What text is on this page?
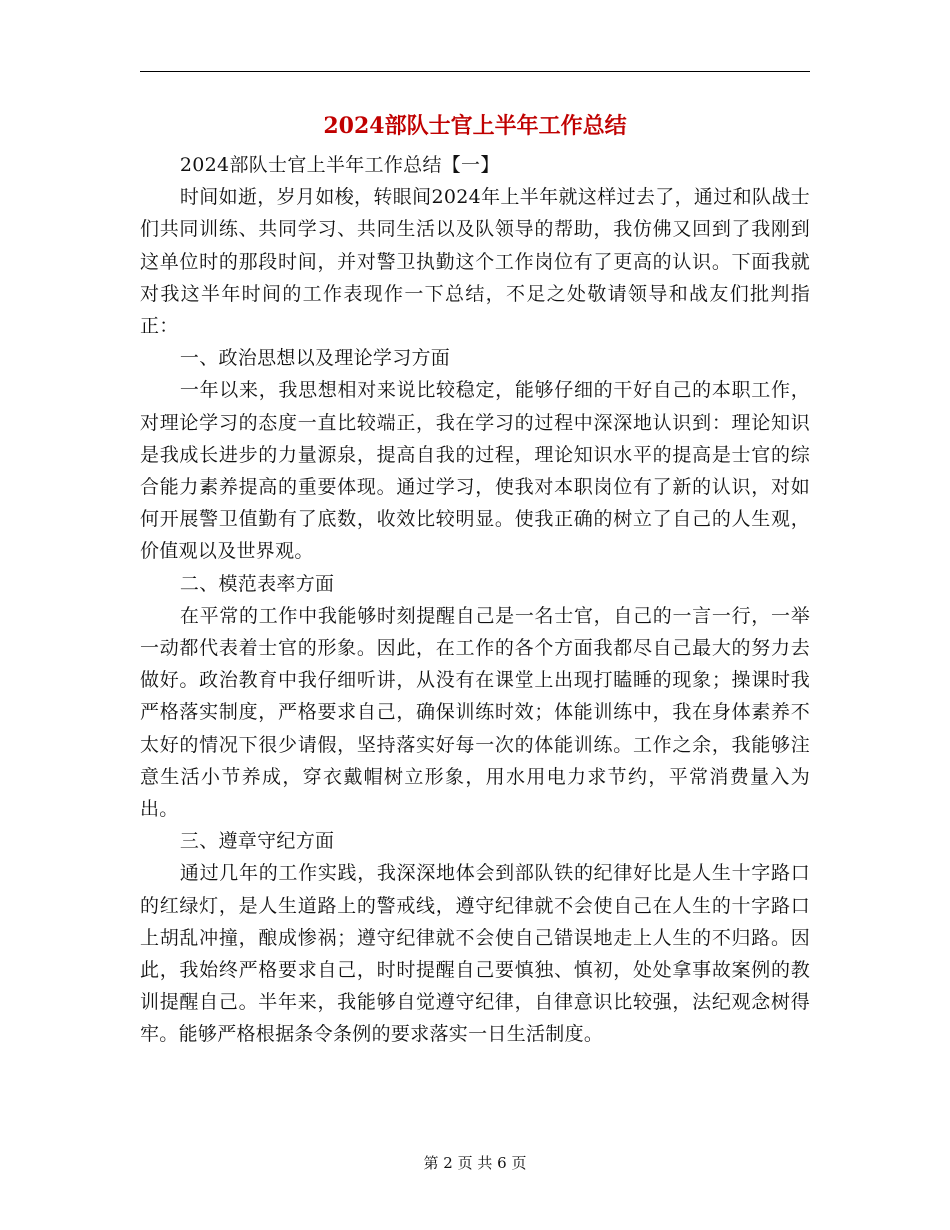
2024部队士官上半年工作总结

2024部队士官上半年工作总结【一】

时间如逝，岁月如梭，转眼间2024年上半年就这样过去了，通过和队战士们共同训练、共同学习、共同生活以及队领导的帮助，我仿佛又回到了我刚到这单位时的那段时间，并对警卫执勤这个工作岗位有了更高的认识。下面我就对我这半年时间的工作表现作一下总结，不足之处敬请领导和战友们批判指正：

一、政治思想以及理论学习方面

一年以来，我思想相对来说比较稳定，能够仔细的干好自己的本职工作，对理论学习的态度一直比较端正，我在学习的过程中深深地认识到：理论知识是我成长进步的力量源泉，提高自我的过程，理论知识水平的提高是士官的综合能力素养提高的重要体现。通过学习，使我对本职岗位有了新的认识，对如何开展警卫值勤有了底数，收效比较明显。使我正确的树立了自己的人生观，价值观以及世界观。

二、模范表率方面

在平常的工作中我能够时刻提醒自己是一名士官，自己的一言一行，一举一动都代表着士官的形象。因此，在工作的各个方面我都尽自己最大的努力去做好。政治教育中我仔细听讲，从没有在课堂上出现打瞌睡的现象；操课时我严格落实制度，严格要求自己，确保训练时效；体能训练中，我在身体素养不太好的情况下很少请假，坚持落实好每一次的体能训练。工作之余，我能够注意生活小节养成，穿衣戴帽树立形象，用水用电力求节约，平常消费量入为出。

三、遵章守纪方面

通过几年的工作实践，我深深地体会到部队铁的纪律好比是人生十字路口的红绿灯，是人生道路上的警戒线，遵守纪律就不会使自己在人生的十字路口上胡乱冲撞，酿成惨祸；遵守纪律就不会使自己错误地走上人生的不归路。因此，我始终严格要求自己，时时提醒自己要慎独、慎初，处处拿事故案例的教训提醒自己。半年来，我能够自觉遵守纪律，自律意识比较强，法纪观念树得牢。能够严格根据条令条例的要求落实一日生活制度。

第 2 页 共 6 页
